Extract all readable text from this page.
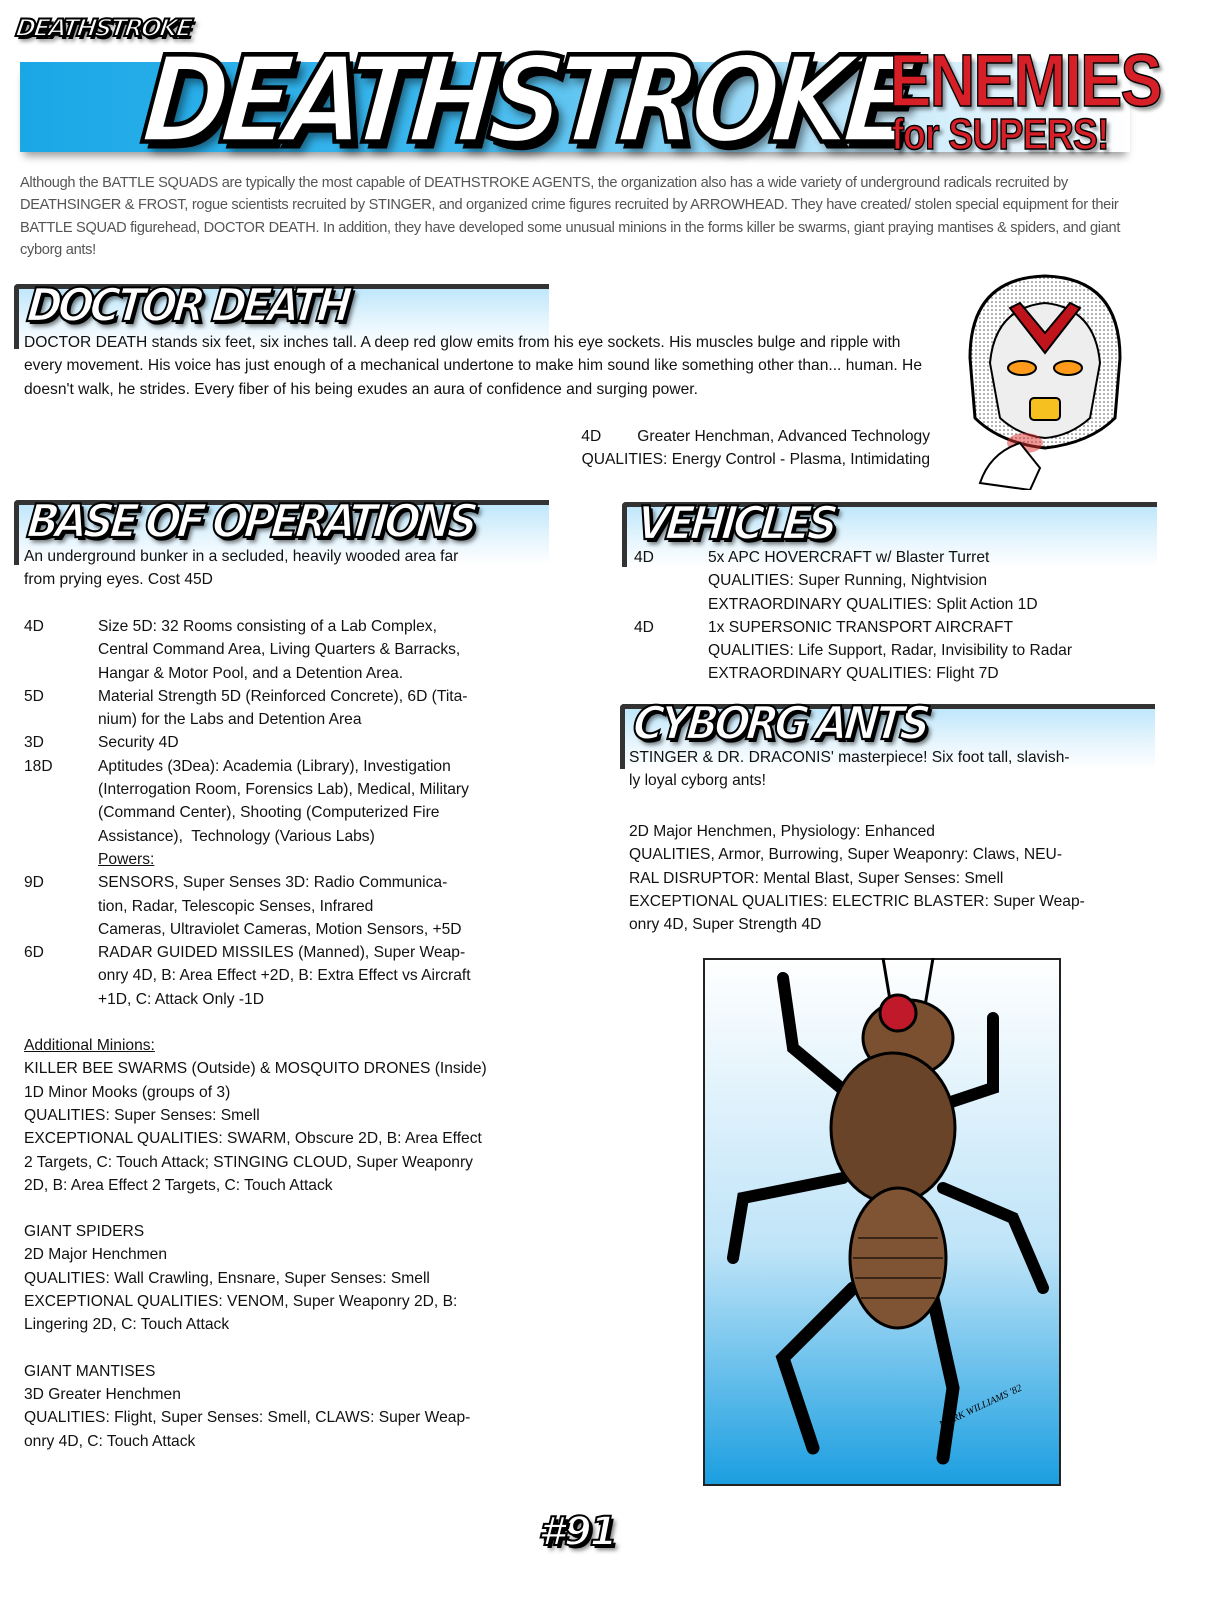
DEATHSTROKE
DEATHSTROKE
ENEMIES
for SUPERS!
Although the BATTLE SQUADS are typically the most capable of DEATHSTROKE AGENTS, the organization also has a wide variety of underground radicals recruited by DEATHSINGER & FROST, rogue scientists recruited by STINGER, and organized crime figures recruited by ARROWHEAD. They have created/ stolen special equipment for their BATTLE SQUAD figurehead, DOCTOR DEATH. In addition, they have developed some unusual minions in the forms killer be swarms, giant praying mantises & spiders, and giant cyborg ants!
DOCTOR DEATH
DOCTOR DEATH stands six feet, six inches tall. A deep red glow emits from his eye sockets. His muscles bulge and ripple with every movement. His voice has just enough of a mechanical undertone to make him sound like something other than... human. He doesn't walk, he strides. Every fiber of his being exudes an aura of confidence and surging power.
4D Greater Henchman, Advanced Technology
QUALITIES: Energy Control - Plasma, Intimidating
BASE OF OPERATIONS
An underground bunker in a secluded, heavily wooded area far
from prying eyes. Cost 45D
4D	Size 5D: 32 Rooms consisting of a Lab Complex,
Central Command Area, Living Quarters & Barracks,
Hangar & Motor Pool, and a Detention Area.
5D	Material Strength 5D (Reinforced Concrete), 6D (Tita-
nium) for the Labs and Detention Area
3D	Security 4D
18D	Aptitudes (3Dea): Academia (Library), Investigation
(Interrogation Room, Forensics Lab), Medical, Military
(Command Center), Shooting (Computerized Fire
Assistance),  Technology (Various Labs)
Powers:
9D	SENSORS, Super Senses 3D: Radio Communica-
tion, Radar, Telescopic Senses, Infrared
Cameras, Ultraviolet Cameras, Motion Sensors, +5D
6D	RADAR GUIDED MISSILES (Manned), Super Weap-
onry 4D, B: Area Effect +2D, B: Extra Effect vs Aircraft
+1D, C: Attack Only -1D
Additional Minions:
KILLER BEE SWARMS (Outside) & MOSQUITO DRONES (Inside)
1D Minor Mooks (groups of 3)
QUALITIES: Super Senses: Smell
EXCEPTIONAL QUALITIES: SWARM, Obscure 2D, B: Area Effect
2 Targets, C: Touch Attack; STINGING CLOUD, Super Weaponry
2D, B: Area Effect 2 Targets, C: Touch Attack
GIANT SPIDERS
2D Major Henchmen
QUALITIES: Wall Crawling, Ensnare, Super Senses: Smell
EXCEPTIONAL QUALITIES: VENOM, Super Weaponry 2D, B:
Lingering 2D, C: Touch Attack
GIANT MANTISES
3D Greater Henchmen
QUALITIES: Flight, Super Senses: Smell, CLAWS: Super Weap-
onry 4D, C: Touch Attack
VEHICLES
4D	5x APC HOVERCRAFT w/ Blaster Turret
QUALITIES: Super Running, Nightvision
EXTRAORDINARY QUALITIES: Split Action 1D
4D	1x SUPERSONIC TRANSPORT AIRCRAFT
QUALITIES: Life Support, Radar, Invisibility to Radar
EXTRAORDINARY QUALITIES: Flight 7D
CYBORG ANTS
STINGER & DR. DRACONIS' masterpiece! Six foot tall, slavish-
ly loyal cyborg ants!
2D Major Henchmen, Physiology: Enhanced
QUALITIES, Armor, Burrowing, Super Weaponry: Claws, NEU-
RAL DISRUPTOR: Mental Blast, Super Senses: Smell
EXCEPTIONAL QUALITIES: ELECTRIC BLASTER: Super Weap-
onry 4D, Super Strength 4D
MARK WILLIAMS '82
#91
